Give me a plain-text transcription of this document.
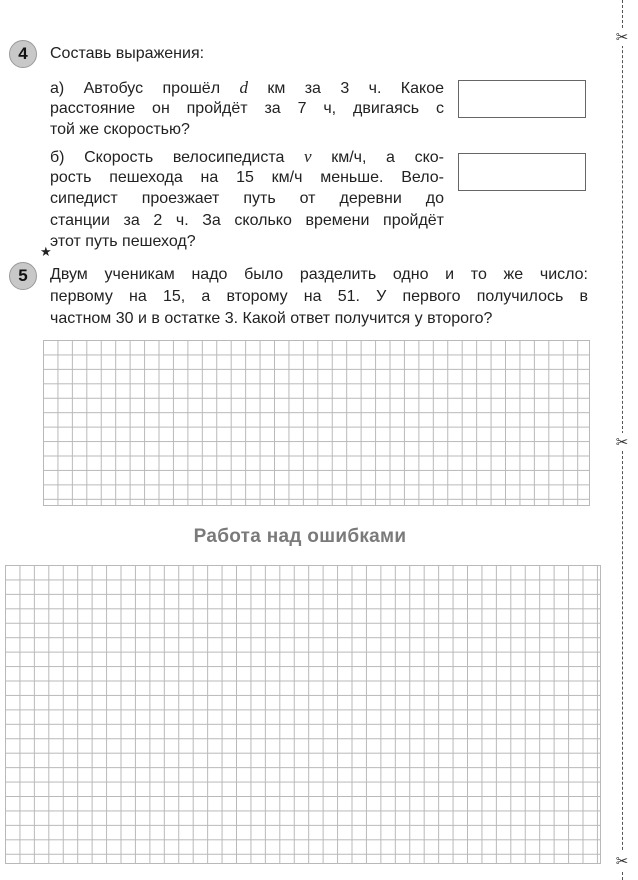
✂
✂
✂
4	Составь выражения:
а) Автобус прошёл d км за 3 ч. Какое
расстояние он пройдёт за 7 ч, двигаясь с
той же скоростью?
б) Скорость велосипедиста v км/ч, а ско-
рость пешехода на 15 км/ч меньше. Вело-
сипедист проезжает путь от деревни до
станции за 2 ч. За сколько времени пройдёт
этот путь пешеход?
★
5	Двум ученикам надо было разделить одно и то же число:
первому на 15, а второму на 51. У первого получилось в
частном 30 и в остатке 3. Какой ответ получится у второго?
Работа над ошибками
